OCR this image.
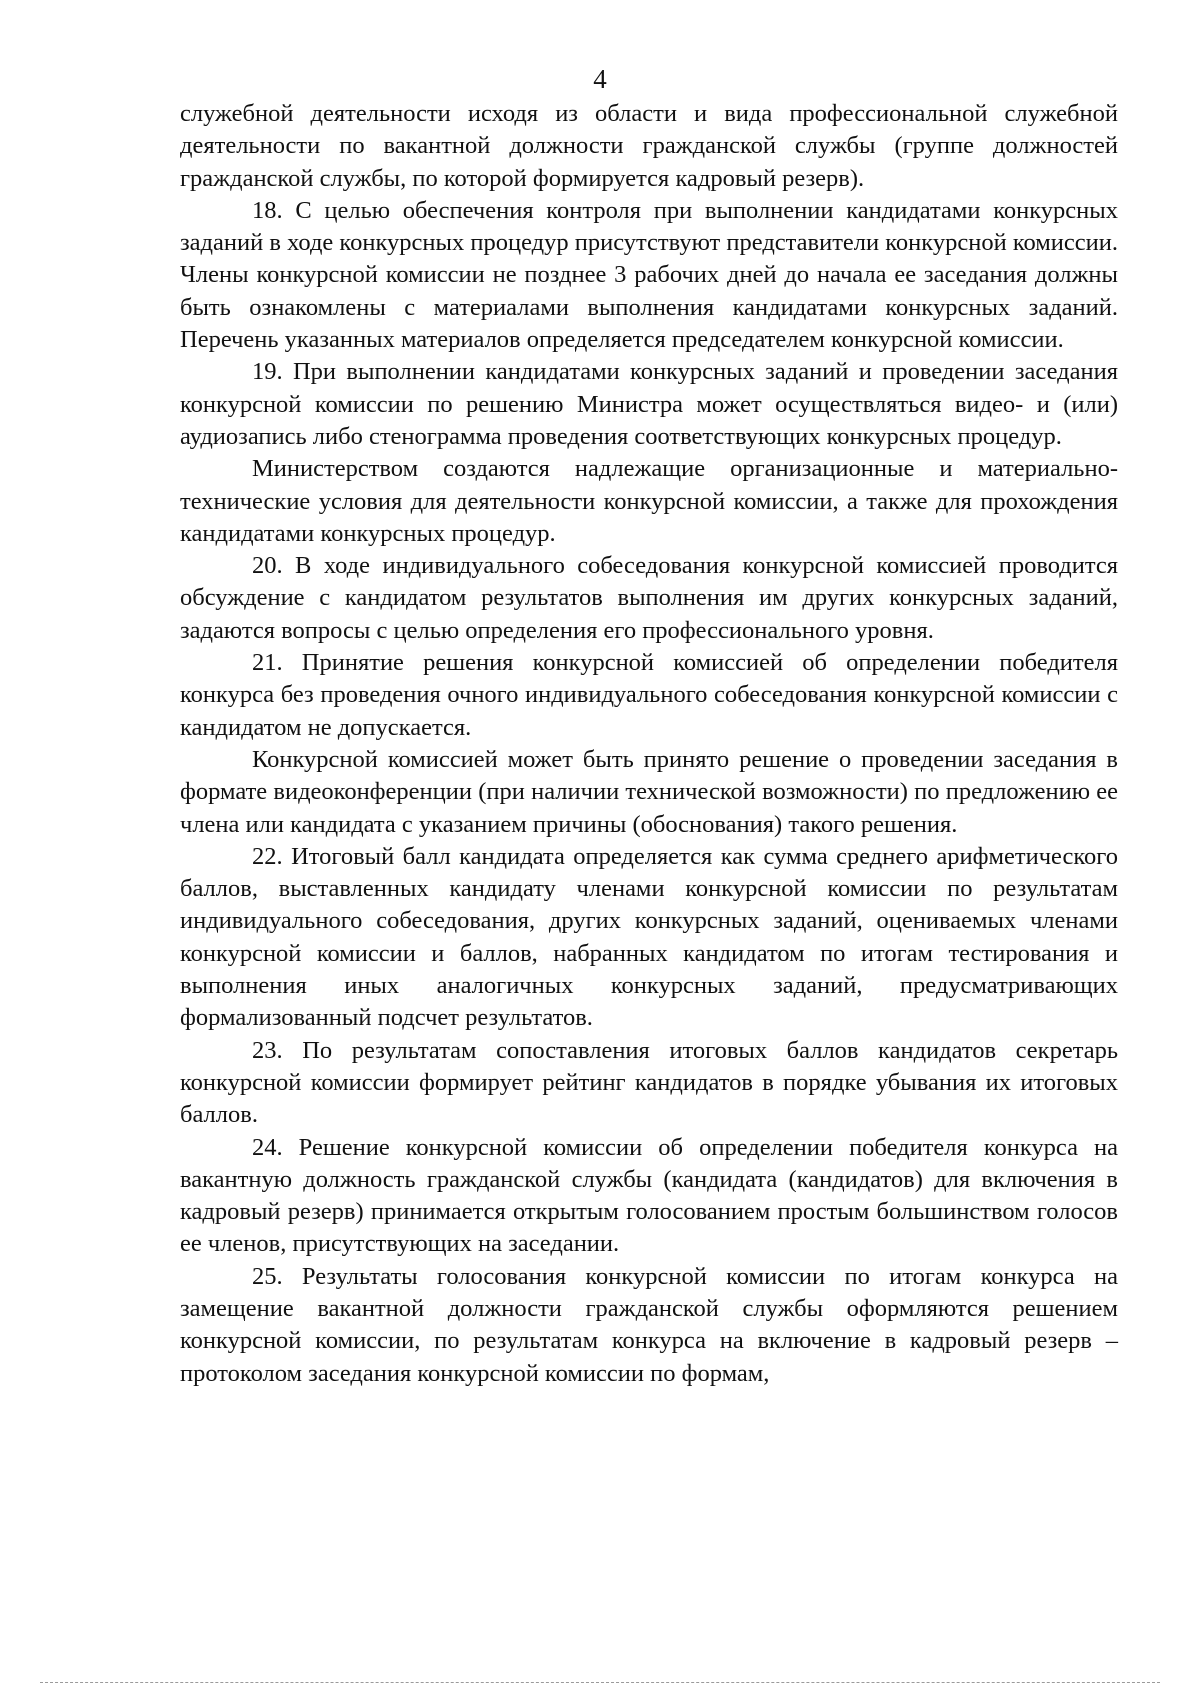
4

служебной деятельности исходя из области и вида профессиональной служебной деятельности по вакантной должности гражданской службы (группе должностей гражданской службы, по которой формируется кадровый резерв).

18. С целью обеспечения контроля при выполнении кандидатами конкурсных заданий в ходе конкурсных процедур присутствуют представители конкурсной комиссии. Члены конкурсной комиссии не позднее 3 рабочих дней до начала ее заседания должны быть ознакомлены с материалами выполнения кандидатами конкурсных заданий. Перечень указанных материалов определяется председателем конкурсной комиссии.

19. При выполнении кандидатами конкурсных заданий и проведении заседания конкурсной комиссии по решению Министра может осуществляться видео- и (или) аудиозапись либо стенограмма проведения соответствующих конкурсных процедур.

Министерством создаются надлежащие организационные и материально-технические условия для деятельности конкурсной комиссии, а также для прохождения кандидатами конкурсных процедур.

20. В ходе индивидуального собеседования конкурсной комиссией проводится обсуждение с кандидатом результатов выполнения им других конкурсных заданий, задаются вопросы с целью определения его профессионального уровня.

21. Принятие решения конкурсной комиссией об определении победителя конкурса без проведения очного индивидуального собеседования конкурсной комиссии с кандидатом не допускается.

Конкурсной комиссией может быть принято решение о проведении заседания в формате видеоконференции (при наличии технической возможности) по предложению ее члена или кандидата с указанием причины (обоснования) такого решения.

22. Итоговый балл кандидата определяется как сумма среднего арифметического баллов, выставленных кандидату членами конкурсной комиссии по результатам индивидуального собеседования, других конкурсных заданий, оцениваемых членами конкурсной комиссии и баллов, набранных кандидатом по итогам тестирования и выполнения иных аналогичных конкурсных заданий, предусматривающих формализованный подсчет результатов.

23. По результатам сопоставления итоговых баллов кандидатов секретарь конкурсной комиссии формирует рейтинг кандидатов в порядке убывания их итоговых баллов.

24. Решение конкурсной комиссии об определении победителя конкурса на вакантную должность гражданской службы (кандидата (кандидатов) для включения в кадровый резерв) принимается открытым голосованием простым большинством голосов ее членов, присутствующих на заседании.

25. Результаты голосования конкурсной комиссии по итогам конкурса на замещение вакантной должности гражданской службы оформляются решением конкурсной комиссии, по результатам конкурса на включение в кадровый резерв – протоколом заседания конкурсной комиссии по формам,
